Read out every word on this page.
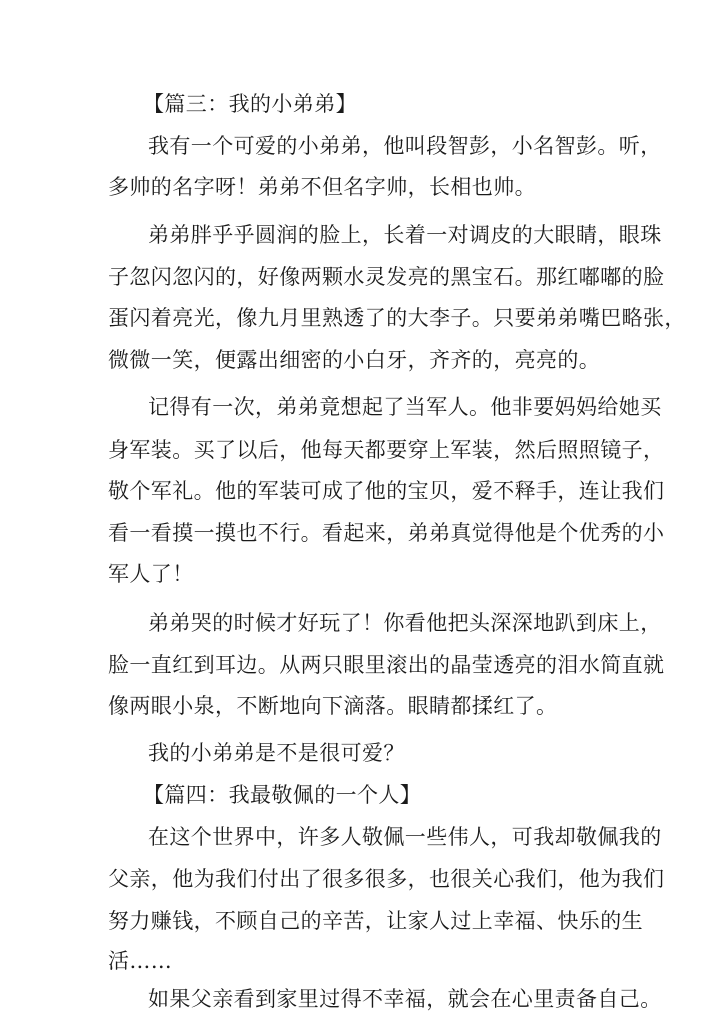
【篇三：我的小弟弟】
我有一个可爱的小弟弟，他叫段智彭，小名智彭。听，
多帅的名字呀！弟弟不但名字帅，长相也帅。
弟弟胖乎乎圆润的脸上，长着一对调皮的大眼睛，眼珠
子忽闪忽闪的，好像两颗水灵发亮的黑宝石。那红嘟嘟的脸
蛋闪着亮光，像九月里熟透了的大李子。只要弟弟嘴巴略张，
微微一笑，便露出细密的小白牙，齐齐的，亮亮的。
记得有一次，弟弟竟想起了当军人。他非要妈妈给她买
身军装。买了以后，他每天都要穿上军装，然后照照镜子，
敬个军礼。他的军装可成了他的宝贝，爱不释手，连让我们
看一看摸一摸也不行。看起来，弟弟真觉得他是个优秀的小
军人了！
弟弟哭的时候才好玩了！你看他把头深深地趴到床上，
脸一直红到耳边。从两只眼里滚出的晶莹透亮的泪水简直就
像两眼小泉，不断地向下滴落。眼睛都揉红了。
我的小弟弟是不是很可爱？
【篇四：我最敬佩的一个人】
在这个世界中，许多人敬佩一些伟人，可我却敬佩我的
父亲，他为我们付出了很多很多，也很关心我们，他为我们
努力赚钱，不顾自己的辛苦，让家人过上幸福、快乐的生
活……
如果父亲看到家里过得不幸福，就会在心里责备自己。
